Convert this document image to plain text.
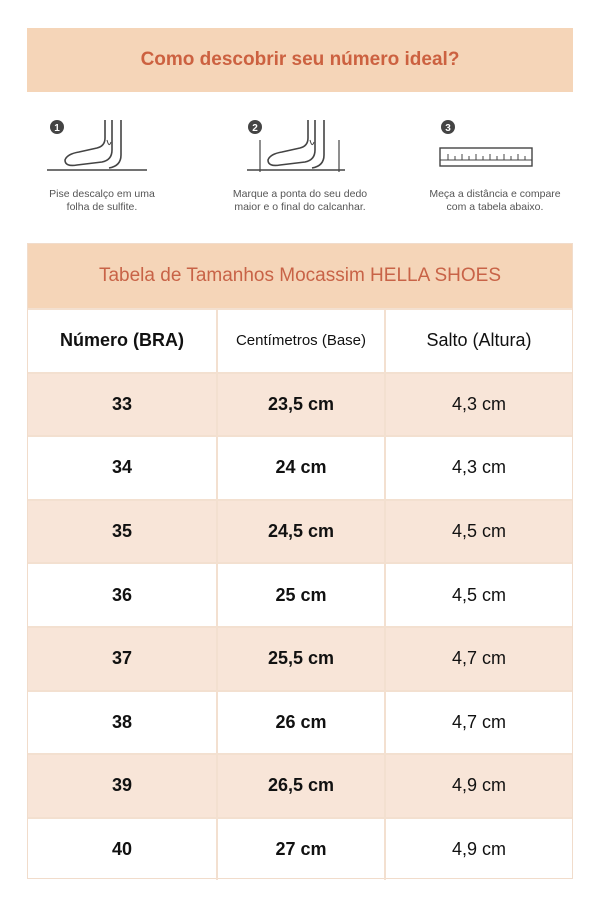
Como descobrir seu número ideal?
1
Pise descalço em uma
folha de sulfite.
2
Marque a ponta do seu dedo
maior e o final do calcanhar.
3
Meça a distância e compare
com a tabela abaixo.
Tabela de Tamanhos Mocassim HELLA SHOES
Número (BRA)	Centímetros (Base)	Salto (Altura)
33	23,5 cm	4,3 cm
34	24 cm	4,3 cm
35	24,5 cm	4,5 cm
36	25 cm	4,5 cm
37	25,5 cm	4,7 cm
38	26 cm	4,7 cm
39	26,5 cm	4,9 cm
40	27 cm	4,9 cm
